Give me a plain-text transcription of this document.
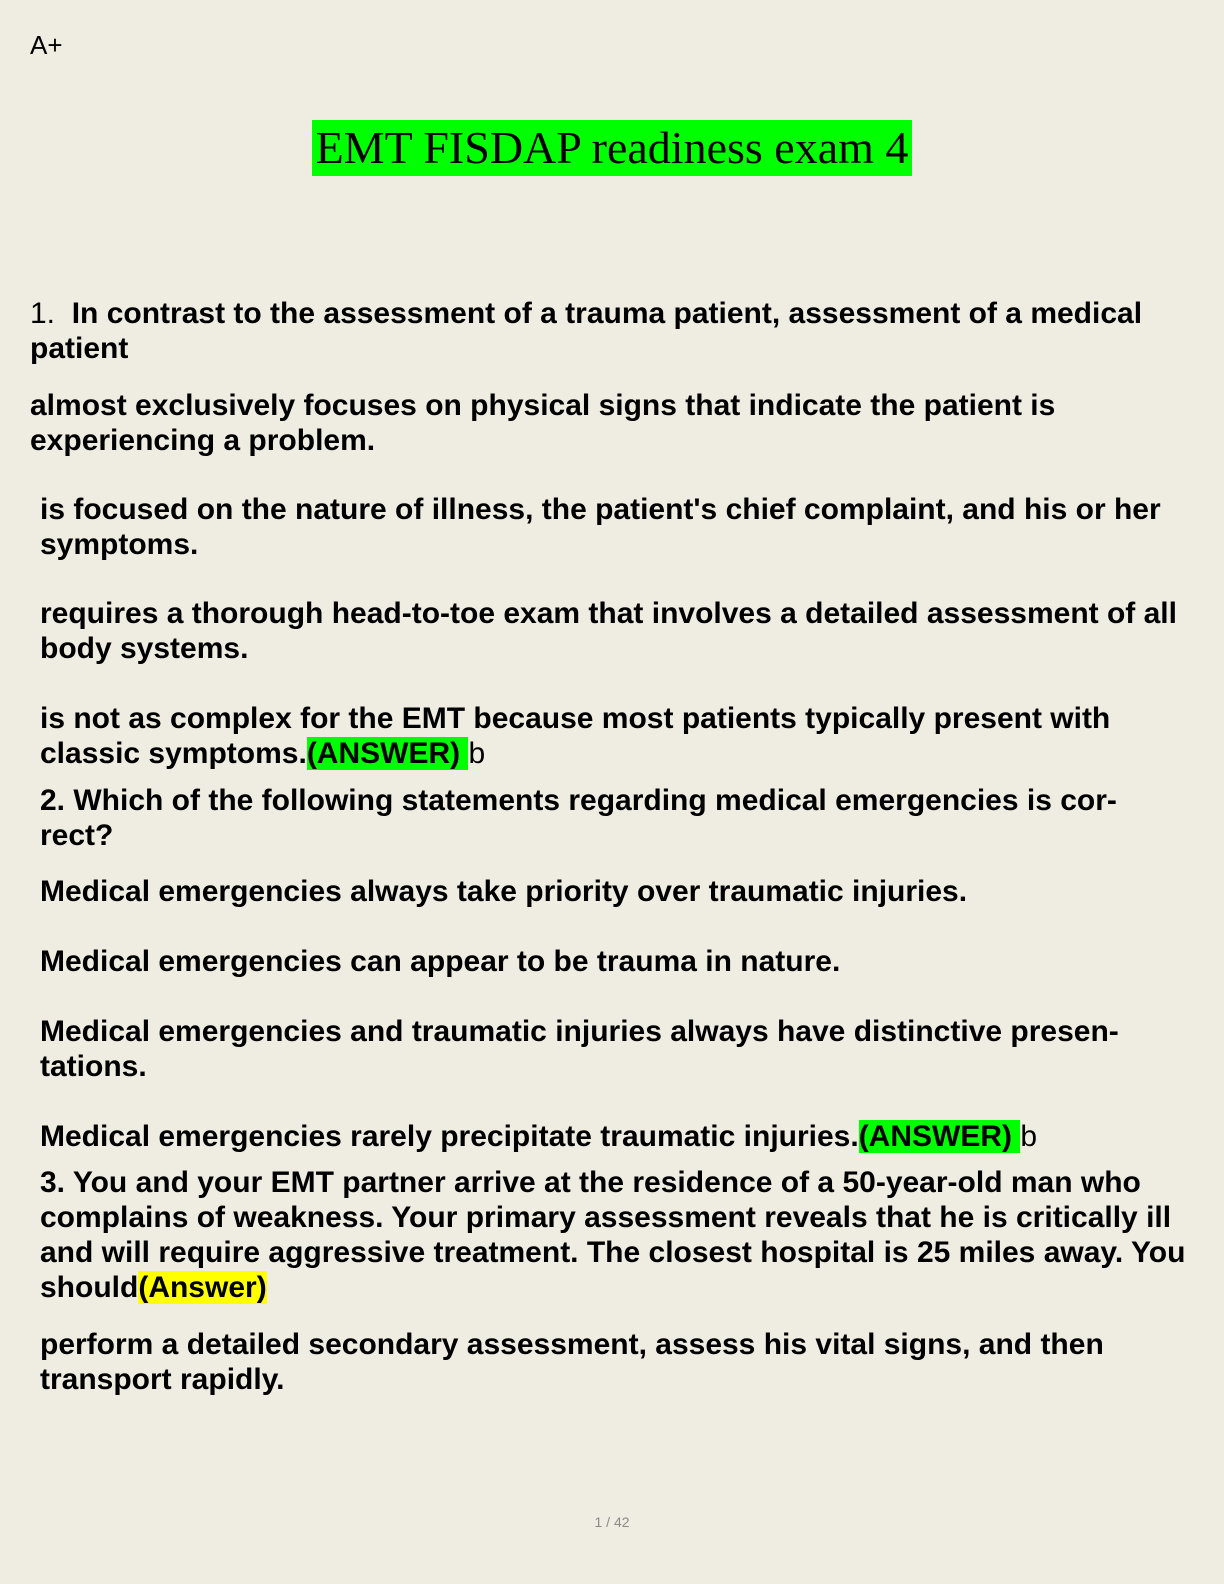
A+
EMT FISDAP readiness exam 4
1. In contrast to the assessment of a trauma patient, assessment of a medical patient
almost exclusively focuses on physical signs that indicate the patient is experiencing a problem.
is focused on the nature of illness, the patient's chief complaint, and his or her symptoms.
requires a thorough head-to-toe exam that involves a detailed assessment of all body systems.
is not as complex for the EMT because most patients typically present with classic symptoms.(ANSWER) b
2. Which of the following statements regarding medical emergencies is cor-rect?
Medical emergencies always take priority over traumatic injuries.
Medical emergencies can appear to be trauma in nature.
Medical emergencies and traumatic injuries always have distinctive presen-tations.
Medical emergencies rarely precipitate traumatic injuries.(ANSWER) b
3. You and your EMT partner arrive at the residence of a 50-year-old man who complains of weakness. Your primary assessment reveals that he is critically ill and will require aggressive treatment. The closest hospital is 25 miles away. You should(Answer)
perform a detailed secondary assessment, assess his vital signs, and then transport rapidly.
1 / 42
